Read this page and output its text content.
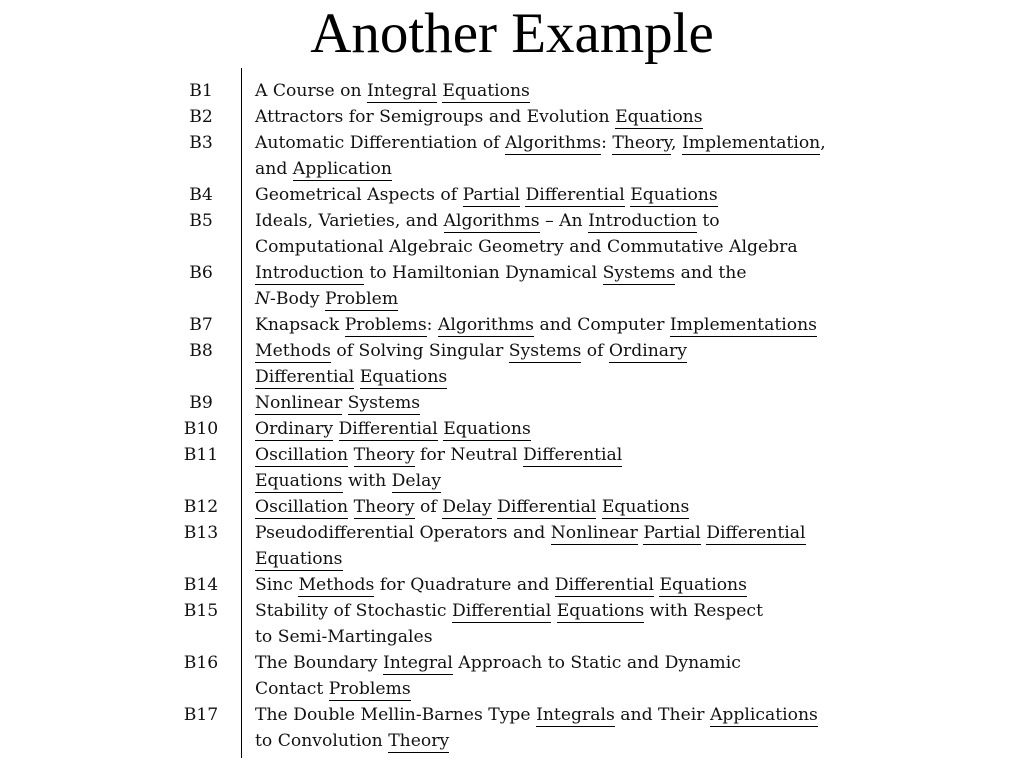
Another Example
B1	A Course on Integral Equations
B2	Attractors for Semigroups and Evolution Equations
B3	Automatic Differentiation of Algorithms: Theory, Implementation,
and Application
B4	Geometrical Aspects of Partial Differential Equations
B5	Ideals, Varieties, and Algorithms – An Introduction to
Computational Algebraic Geometry and Commutative Algebra
B6	Introduction to Hamiltonian Dynamical Systems and the
N-Body Problem
B7	Knapsack Problems: Algorithms and Computer Implementations
B8	Methods of Solving Singular Systems of Ordinary
Differential Equations
B9	Nonlinear Systems
B10	Ordinary Differential Equations
B11	Oscillation Theory for Neutral Differential
Equations with Delay
B12	Oscillation Theory of Delay Differential Equations
B13	Pseudodifferential Operators and Nonlinear Partial Differential
Equations
B14	Sinc Methods for Quadrature and Differential Equations
B15	Stability of Stochastic Differential Equations with Respect
to Semi-Martingales
B16	The Boundary Integral Approach to Static and Dynamic
Contact Problems
B17	The Double Mellin-Barnes Type Integrals and Their Applications
to Convolution Theory
